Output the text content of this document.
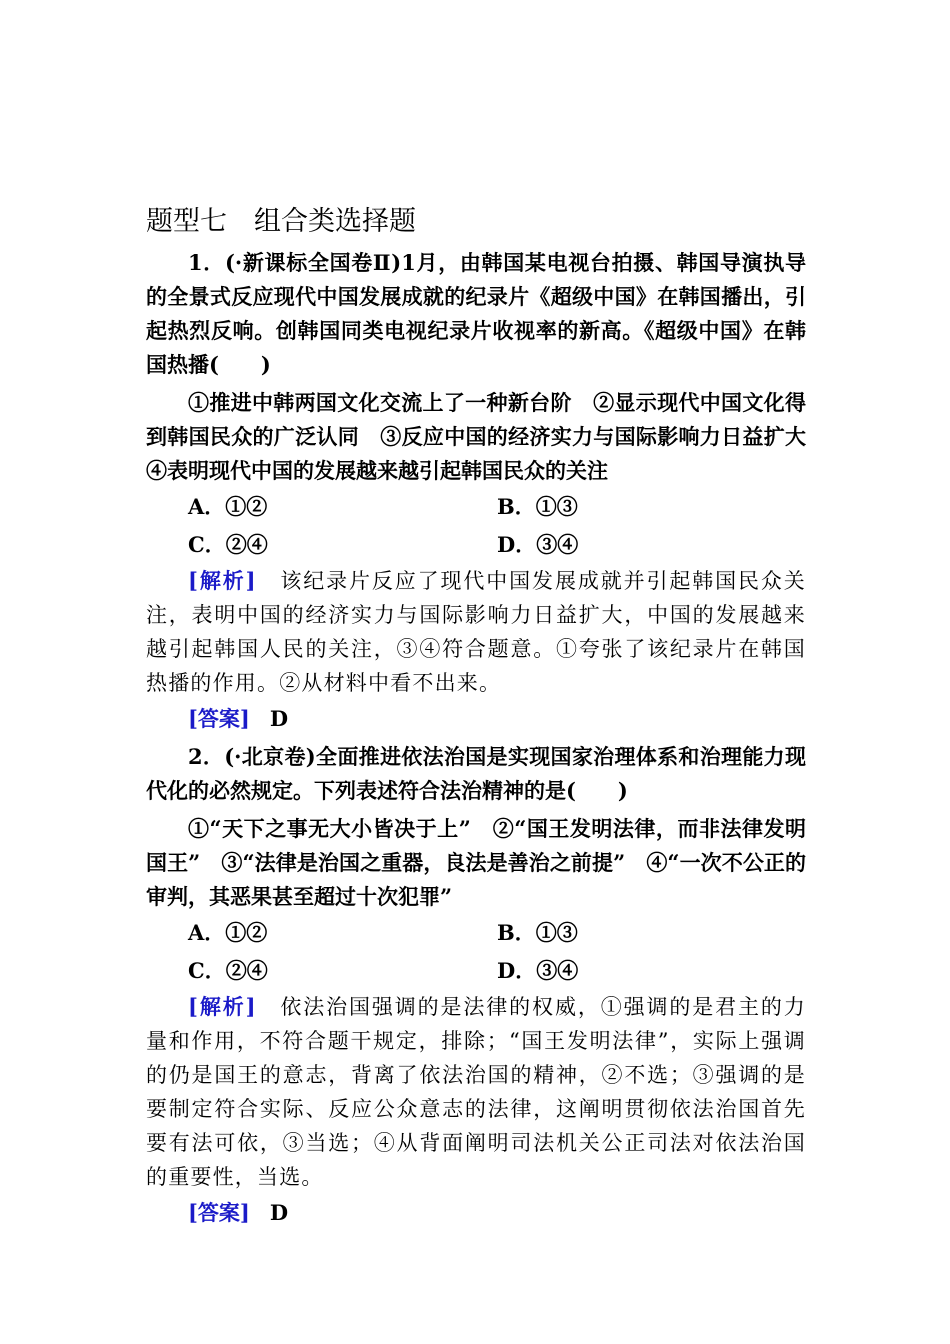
题型七　组合类选择题

1．(·新课标全国卷Ⅱ)1月，由韩国某电视台拍摄、韩国导演执导的全景式反应现代中国发展成就的纪录片《超级中国》在韩国播出，引起热烈反响。创韩国同类电视纪录片收视率的新高。《超级中国》在韩国热播(　　)

①推进中韩两国文化交流上了一种新台阶　②显示现代中国文化得到韩国民众的广泛认同　③反应中国的经济实力与国际影响力日益扩大　④表明现代中国的发展越来越引起韩国民众的关注

A．①②	B．①③
C．②④	D．③④

[解析]　 该纪录片反应了现代中国发展成就并引起韩国民众关注，表明中国的经济实力与国际影响力日益扩大，中国的发展越来越引起韩国人民的关注，③④符合题意。①夸张了该纪录片在韩国热播的作用。②从材料中看不出来。

[答案] D

2．(·北京卷)全面推进依法治国是实现国家治理体系和治理能力现代化的必然规定。下列表述符合法治精神的是(　　)

①“天下之事无大小皆决于上”　②“国王发明法律，而非法律发明国王”　③“法律是治国之重器，良法是善治之前提”　④“一次不公正的审判，其恶果甚至超过十次犯罪”

A．①②	B．①③
C．②④	D．③④

[解析]　 依法治国强调的是法律的权威，①强调的是君主的力量和作用，不符合题干规定，排除；“国王发明法律”，实际上强调的仍是国王的意志，背离了依法治国的精神，②不选；③强调的是要制定符合实际、反应公众意志的法律，这阐明贯彻依法治国首先要有法可依，③当选；④从背面阐明司法机关公正司法对依法治国的重要性，当选。

[答案] D
